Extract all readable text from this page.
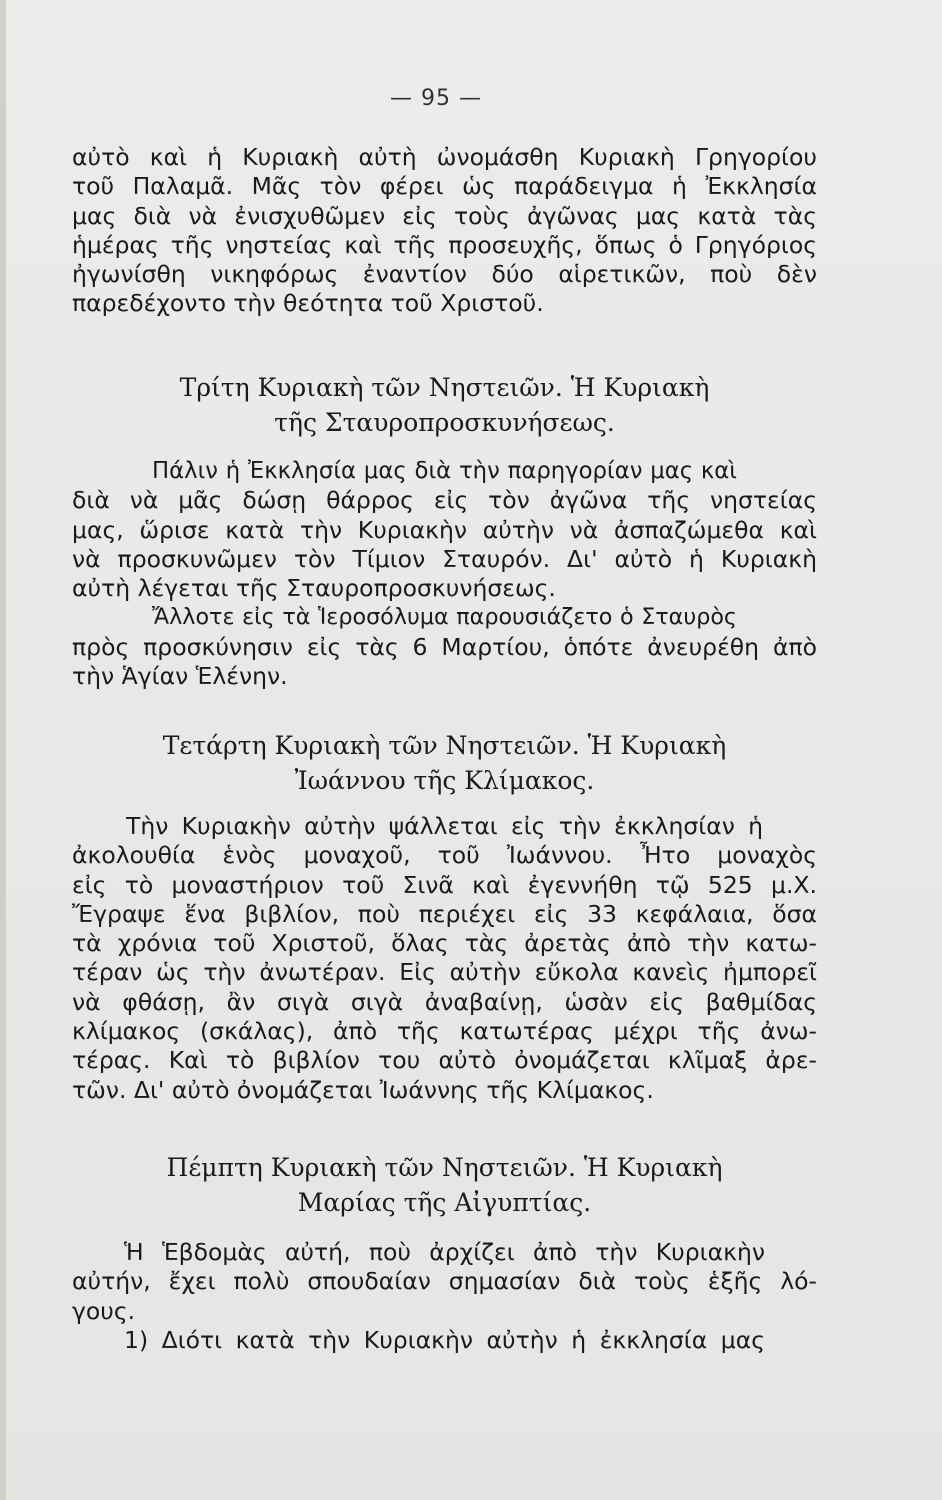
— 95 —
αὐτὸ καὶ ἡ Κυριακὴ αὐτὴ ὠνομάσθη Κυριακὴ Γρηγορίου
τοῦ Παλαμᾶ. Μᾶς τὸν φέρει ὡς παράδειγμα ἡ Ἐκκλησία
μας διὰ νὰ ἐνισχυθῶμεν εἰς τοὺς ἀγῶνας μας κατὰ τὰς
ἡμέρας τῆς νηστείας καὶ τῆς προσευχῆς, ὅπως ὁ Γρηγόριος
ἠγωνίσθη νικηφόρως ἐναντίον δύο αἱρετικῶν, ποὺ δὲν
παρεδέχοντο τὴν θεότητα τοῦ Χριστοῦ.
Τρίτη Κυριακὴ τῶν Νηστειῶν. Ἡ Κυριακὴ
τῆς Σταυροπροσκυνήσεως.
Πάλιν ἡ Ἐκκλησία μας διὰ τὴν παρηγορίαν μας καὶ
διὰ νὰ μᾶς δώσῃ θάρρος εἰς τὸν ἀγῶνα τῆς νηστείας
μας, ὥρισε κατὰ τὴν Κυριακὴν αὐτὴν νὰ ἀσπαζώμεθα καὶ
νὰ προσκυνῶμεν τὸν Τίμιον Σταυρόν. Δι' αὐτὸ ἡ Κυριακὴ
αὐτὴ λέγεται τῆς Σταυροπροσκυνήσεως.
Ἄλλοτε εἰς τὰ Ἱεροσόλυμα παρουσιάζετο ὁ Σταυρὸς
πρὸς προσκύνησιν εἰς τὰς 6 Μαρτίου, ὁπότε ἀνευρέθη ἀπὸ
τὴν Ἁγίαν Ἑλένην.
Τετάρτη Κυριακὴ τῶν Νηστειῶν. Ἡ Κυριακὴ
Ἰωάννου τῆς Κλίμακος.
Τὴν Κυριακὴν αὐτὴν ψάλλεται εἰς τὴν ἐκκλησίαν ἡ
ἀκολουθία ἑνὸς μοναχοῦ, τοῦ Ἰωάννου. Ἦτο μοναχὸς
εἰς τὸ μοναστήριον τοῦ Σινᾶ καὶ ἐγεννήθη τῷ 525 μ.Χ.
Ἔγραψε ἕνα βιβλίον, ποὺ περιέχει εἰς 33 κεφάλαια, ὅσα
τὰ χρόνια τοῦ Χριστοῦ, ὅλας τὰς ἀρετὰς ἀπὸ τὴν κατω-
τέραν ὡς τὴν ἀνωτέραν. Εἰς αὐτὴν εὔκολα κανεὶς ἠμπορεῖ
νὰ φθάσῃ, ἂν σιγὰ σιγὰ ἀναβαίνῃ, ὡσὰν εἰς βαθμίδας
κλίμακος (σκάλας), ἀπὸ τῆς κατωτέρας μέχρι τῆς ἀνω-
τέρας. Καὶ τὸ βιβλίον του αὐτὸ ὀνομάζεται κλῖμαξ ἀρε-
τῶν. Δι' αὐτὸ ὀνομάζεται Ἰωάννης τῆς Κλίμακος.
Πέμπτη Κυριακὴ τῶν Νηστειῶν. Ἡ Κυριακὴ
Μαρίας τῆς Αἰγυπτίας.
Ἡ Ἑβδομὰς αὐτή, ποὺ ἀρχίζει ἀπὸ τὴν Κυριακὴν
αὐτήν, ἔχει πολὺ σπουδαίαν σημασίαν διὰ τοὺς ἑξῆς λό-
γους.
1) Διότι κατὰ τὴν Κυριακὴν αὐτὴν ἡ ἐκκλησία μας
